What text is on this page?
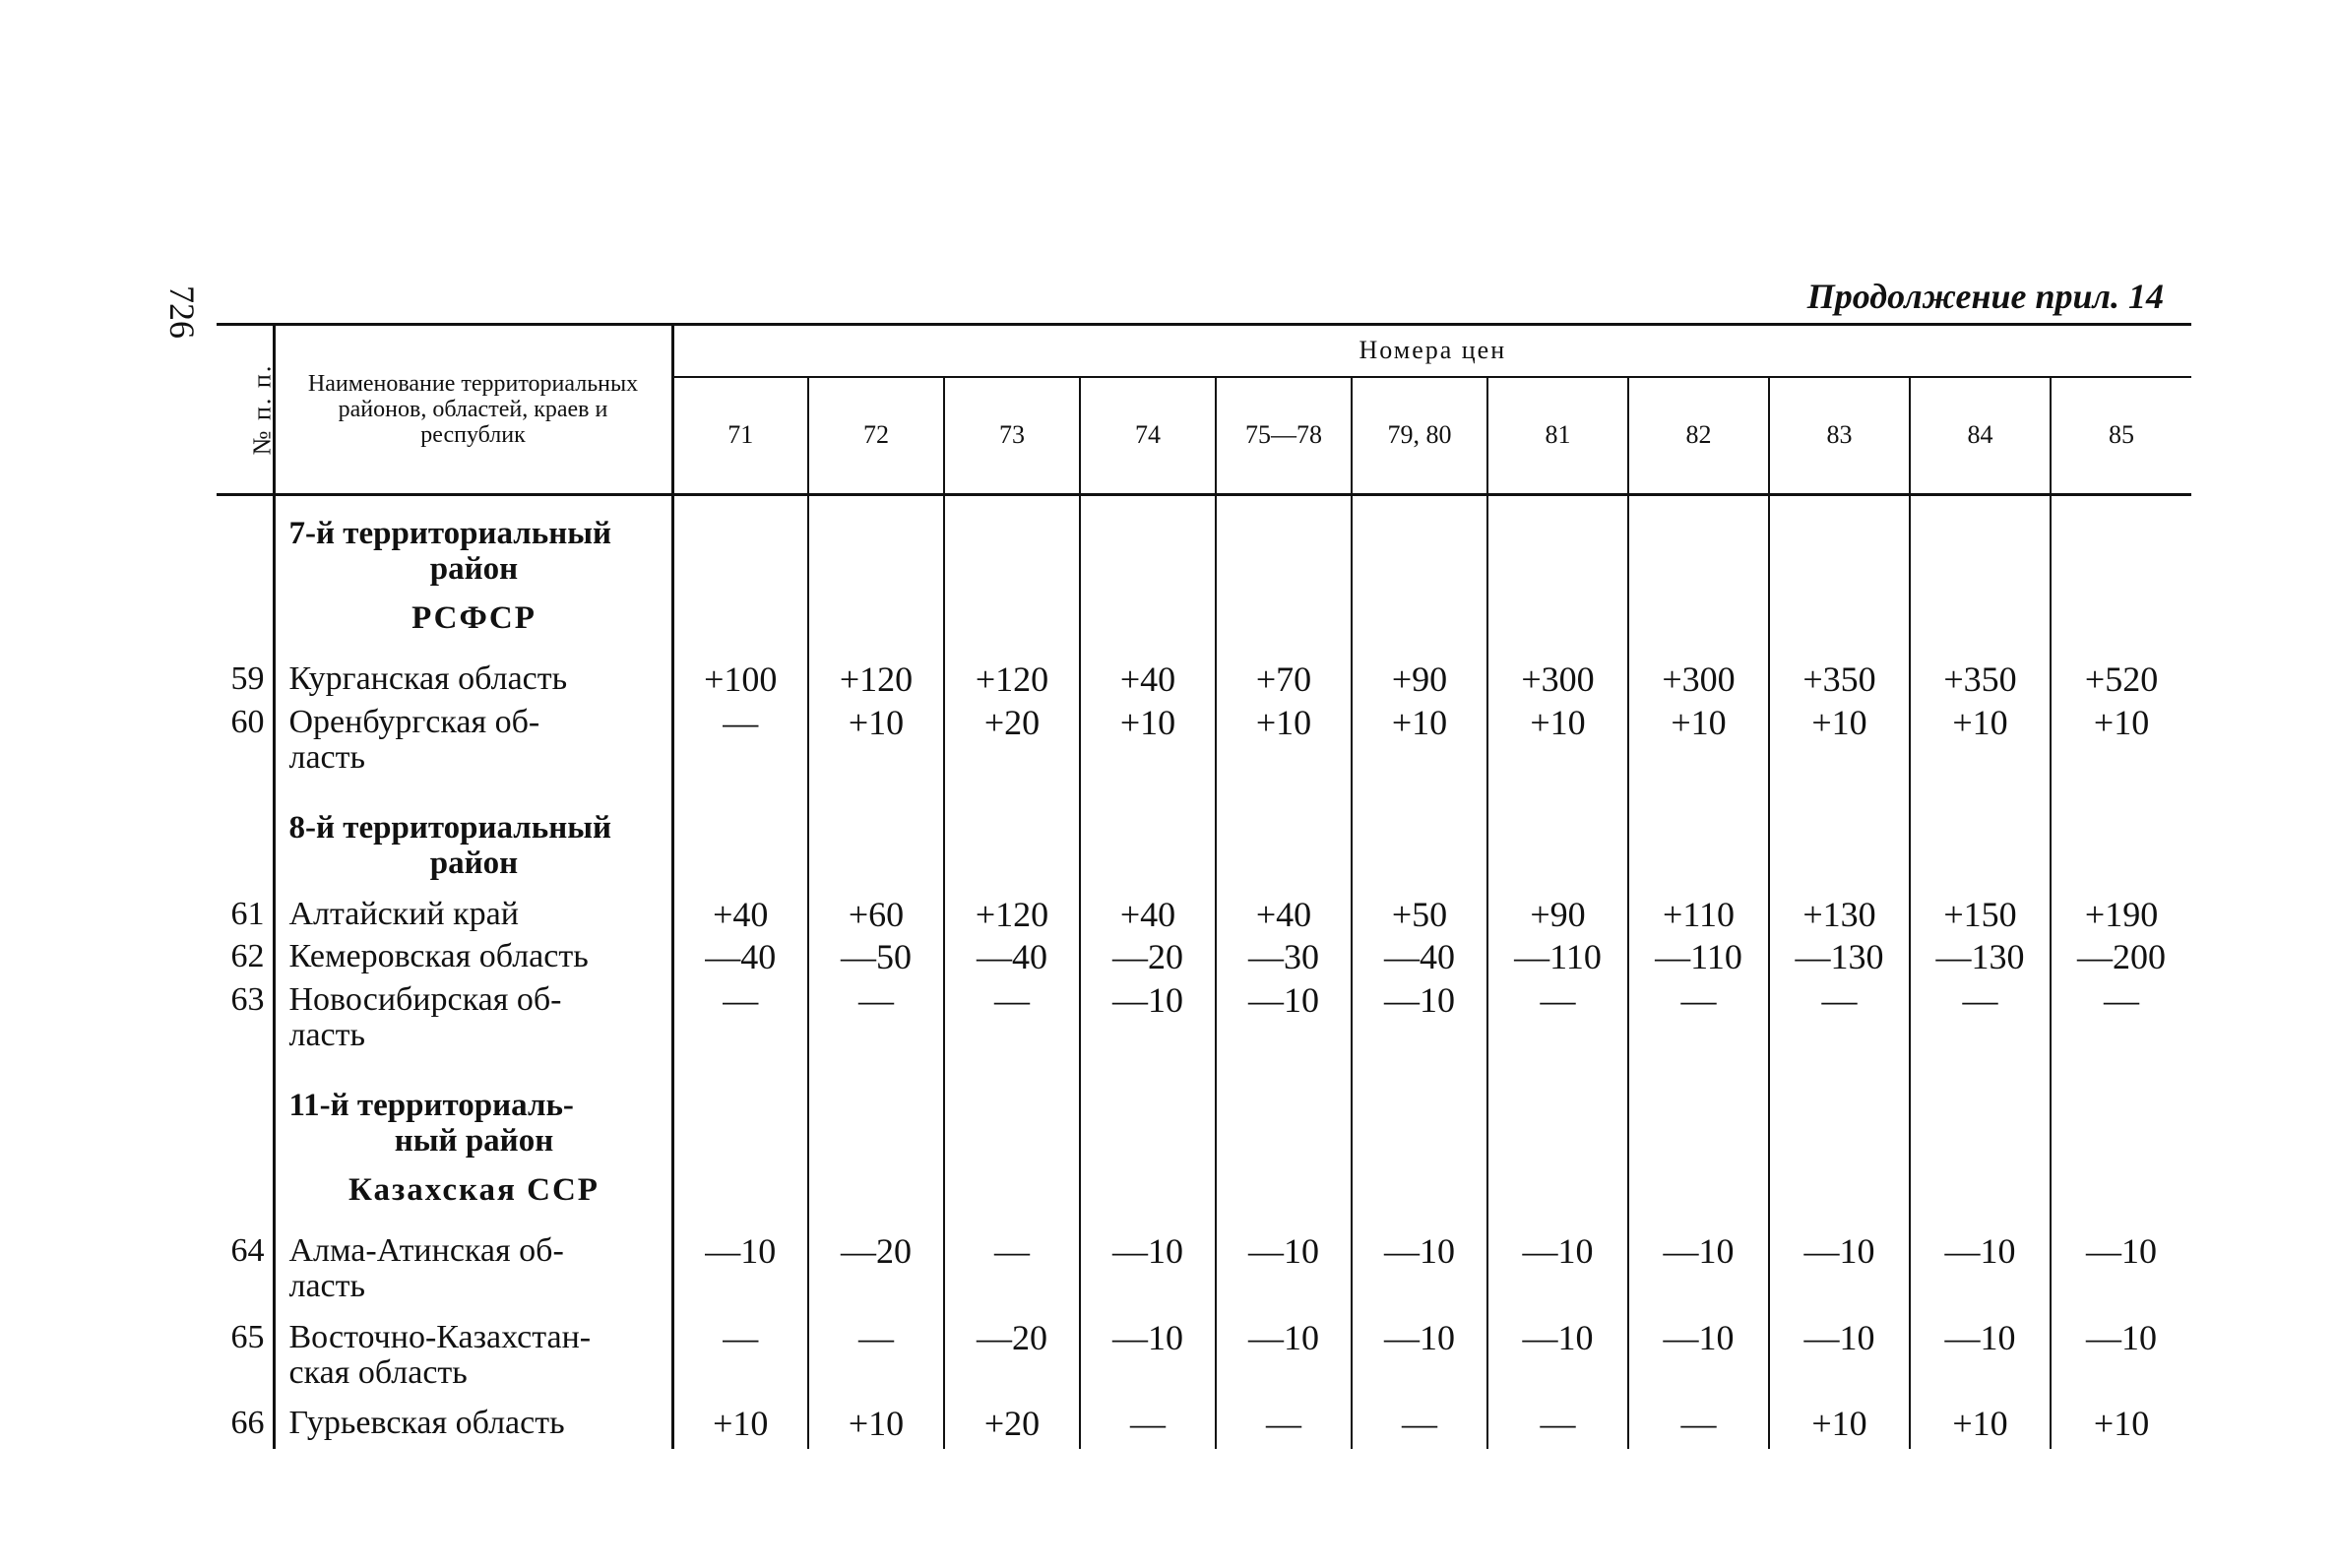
726	Продолжение прил. 14
№ п. п.	Наименование территориальных районов, областей, краев и республик	Номера цен										
		71	72	73	74	75—78	79, 80	81	82	83	84	85

	7-й территориальный
район
РСФСР											

59	Курганская область	+100	+120	+120	+40	+70	+90	+300	+300	+350	+350	+520
60	Оренбургская об-
ласть	—	+10	+20	+10	+10	+10	+10	+10	+10	+10	+10

	8-й территориальный
район											

61	Алтайский край	+40	+60	+120	+40	+40	+50	+90	+110	+130	+150	+190
62	Кемеровская область	—40	—50	—40	—20	—30	—40	—110	—110	—130	—130	—200
63	Новосибирская об-
ласть	—	—	—	—10	—10	—10	—	—	—	—	—

	11-й территориаль-
ный район
Казахская ССР											

64	Алма-Атинская об-
ласть	—10	—20	—	—10	—10	—10	—10	—10	—10	—10	—10
65	Восточно-Казахстан-
ская область	—	—	—20	—10	—10	—10	—10	—10	—10	—10	—10
66	Гурьевская область	+10	+10	+20	—	—	—	—	—	+10	+10	+10
